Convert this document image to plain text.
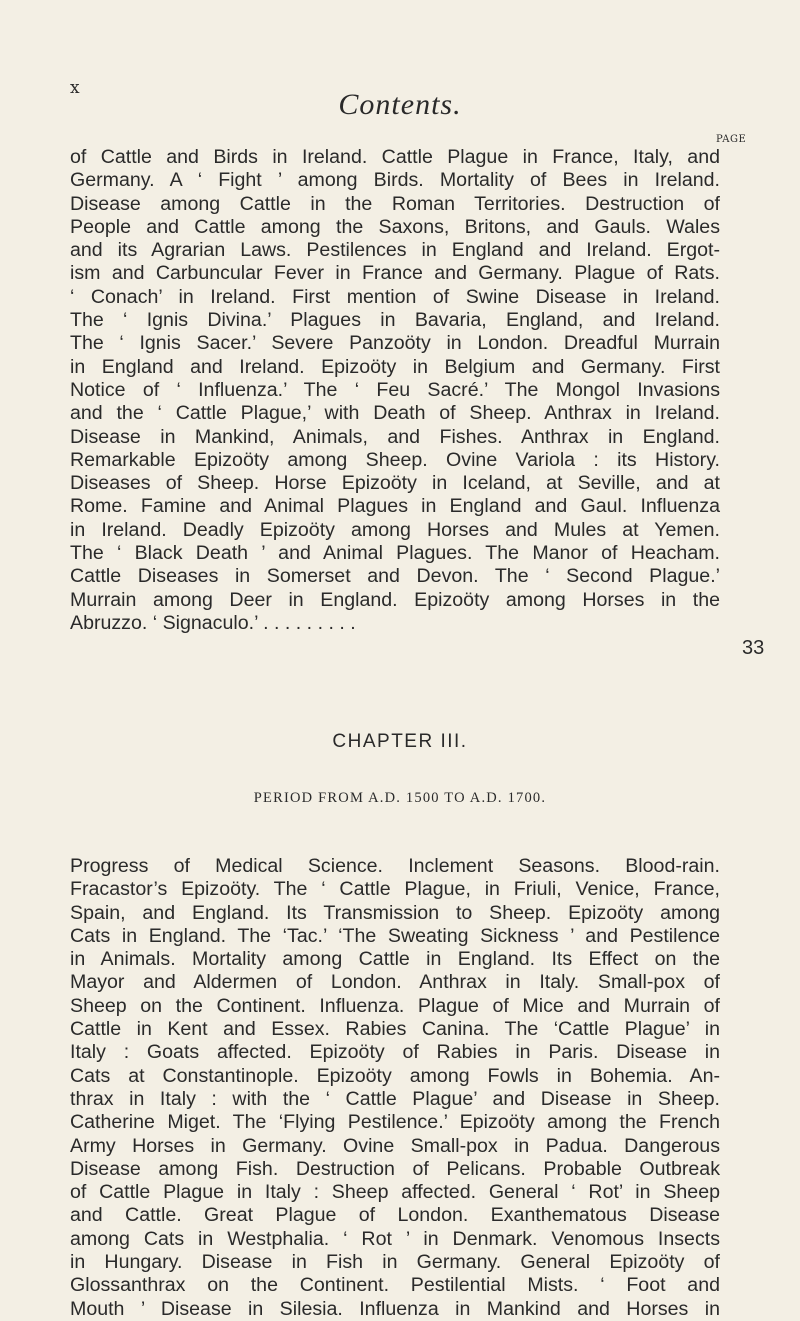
x	Contents.
PAGE
of Cattle and Birds in Ireland. Cattle Plague in France, Italy, and
Germany. A ‘ Fight ’ among Birds. Mortality of Bees in Ireland.
Disease among Cattle in the Roman Territories. Destruction of
People and Cattle among the Saxons, Britons, and Gauls. Wales
and its Agrarian Laws. Pestilences in England and Ireland. Ergot-
ism and Carbuncular Fever in France and Germany. Plague of Rats.
‘ Conach’ in Ireland. First mention of Swine Disease in Ireland.
The ‘ Ignis Divina.’ Plagues in Bavaria, England, and Ireland.
The ‘ Ignis Sacer.’ Severe Panzoöty in London. Dreadful Murrain
in England and Ireland. Epizoöty in Belgium and Germany. First
Notice of ‘ Influenza.’ The ‘ Feu Sacré.’ The Mongol Invasions
and the ‘ Cattle Plague,’ with Death of Sheep. Anthrax in Ireland.
Disease in Mankind, Animals, and Fishes. Anthrax in England.
Remarkable Epizoöty among Sheep. Ovine Variola : its History.
Diseases of Sheep. Horse Epizoöty in Iceland, at Seville, and at
Rome. Famine and Animal Plagues in England and Gaul. Influenza
in Ireland. Deadly Epizoöty among Horses and Mules at Yemen.
The ‘ Black Death ’ and Animal Plagues. The Manor of Heacham.
Cattle Diseases in Somerset and Devon. The ‘ Second Plague.’
Murrain among Deer in England. Epizoöty among Horses in the
Abruzzo. ‘ Signaculo.’ . . . . . . . . .
33
CHAPTER III.
PERIOD FROM A.D. 1500 TO A.D. 1700.
Progress of Medical Science. Inclement Seasons. Blood-rain.
Fracastor’s Epizoöty. The ‘ Cattle Plague, in Friuli, Venice, France,
Spain, and England. Its Transmission to Sheep. Epizoöty among
Cats in England. The ‘Tac.’ ‘The Sweating Sickness ’ and Pestilence
in Animals. Mortality among Cattle in England. Its Effect on the
Mayor and Aldermen of London. Anthrax in Italy. Small-pox of
Sheep on the Continent. Influenza. Plague of Mice and Murrain of
Cattle in Kent and Essex. Rabies Canina. The ‘Cattle Plague’ in
Italy : Goats affected. Epizoöty of Rabies in Paris. Disease in
Cats at Constantinople. Epizoöty among Fowls in Bohemia. An-
thrax in Italy : with the ‘ Cattle Plague’ and Disease in Sheep.
Catherine Miget. The ‘Flying Pestilence.’ Epizoöty among the French
Army Horses in Germany. Ovine Small-pox in Padua. Dangerous
Disease among Fish. Destruction of Pelicans. Probable Outbreak
of Cattle Plague in Italy : Sheep affected. General ‘ Rot’ in Sheep
and Cattle. Great Plague of London. Exanthematous Disease
among Cats in Westphalia. ‘ Rot ’ in Denmark. Venomous Insects
in Hungary. Disease in Fish in Germany. General Epizoöty of
Glossanthrax on the Continent. Pestilential Mists. ‘ Foot and
Mouth ’ Disease in Silesia. Influenza in Mankind and Horses in
